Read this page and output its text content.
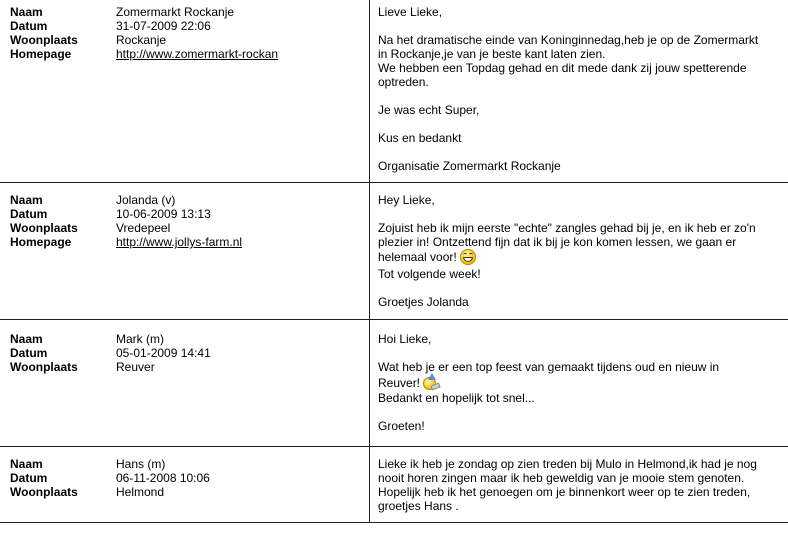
Naam	Zomermarkt Rockanje
Datum	31-07-2009 22:06
Woonplaats	Rockanje
Homepage	http://www.zomermarkt-rockan

Lieve Lieke,

Na het dramatische einde van Koninginnedag,heb je op de Zomermarkt in Rockanje,je van je beste kant laten zien.
We hebben een Topdag gehad en dit mede dank zij jouw spetterende optreden.

Je was echt Super,

Kus en bedankt

Organisatie Zomermarkt Rockanje

Naam	Jolanda (v)
Datum	10-06-2009 13:13
Woonplaats	Vredepeel
Homepage	http://www.jollys-farm.nl

Hey Lieke,

Zojuist heb ik mijn eerste "echte" zangles gehad bij je, en ik heb er zo'n plezier in! Ontzettend fijn dat ik bij je kon komen lessen, we gaan er helemaal voor!

Tot volgende week!

Groetjes Jolanda

Naam	Mark (m)
Datum	05-01-2009 14:41
Woonplaats	Reuver

Hoi Lieke,

Wat heb je er een top feest van gemaakt tijdens oud en nieuw in Reuver!

Bedankt en hopelijk tot snel...

Groeten!

Naam	Hans (m)
Datum	06-11-2008 10:06
Woonplaats	Helmond

Lieke ik heb je zondag op zien treden bij Mulo in Helmond,ik had je nog nooit horen zingen maar ik heb geweldig van je mooie stem genoten. Hopelijk heb ik het genoegen om je binnenkort weer op te zien treden, groetjes Hans .
